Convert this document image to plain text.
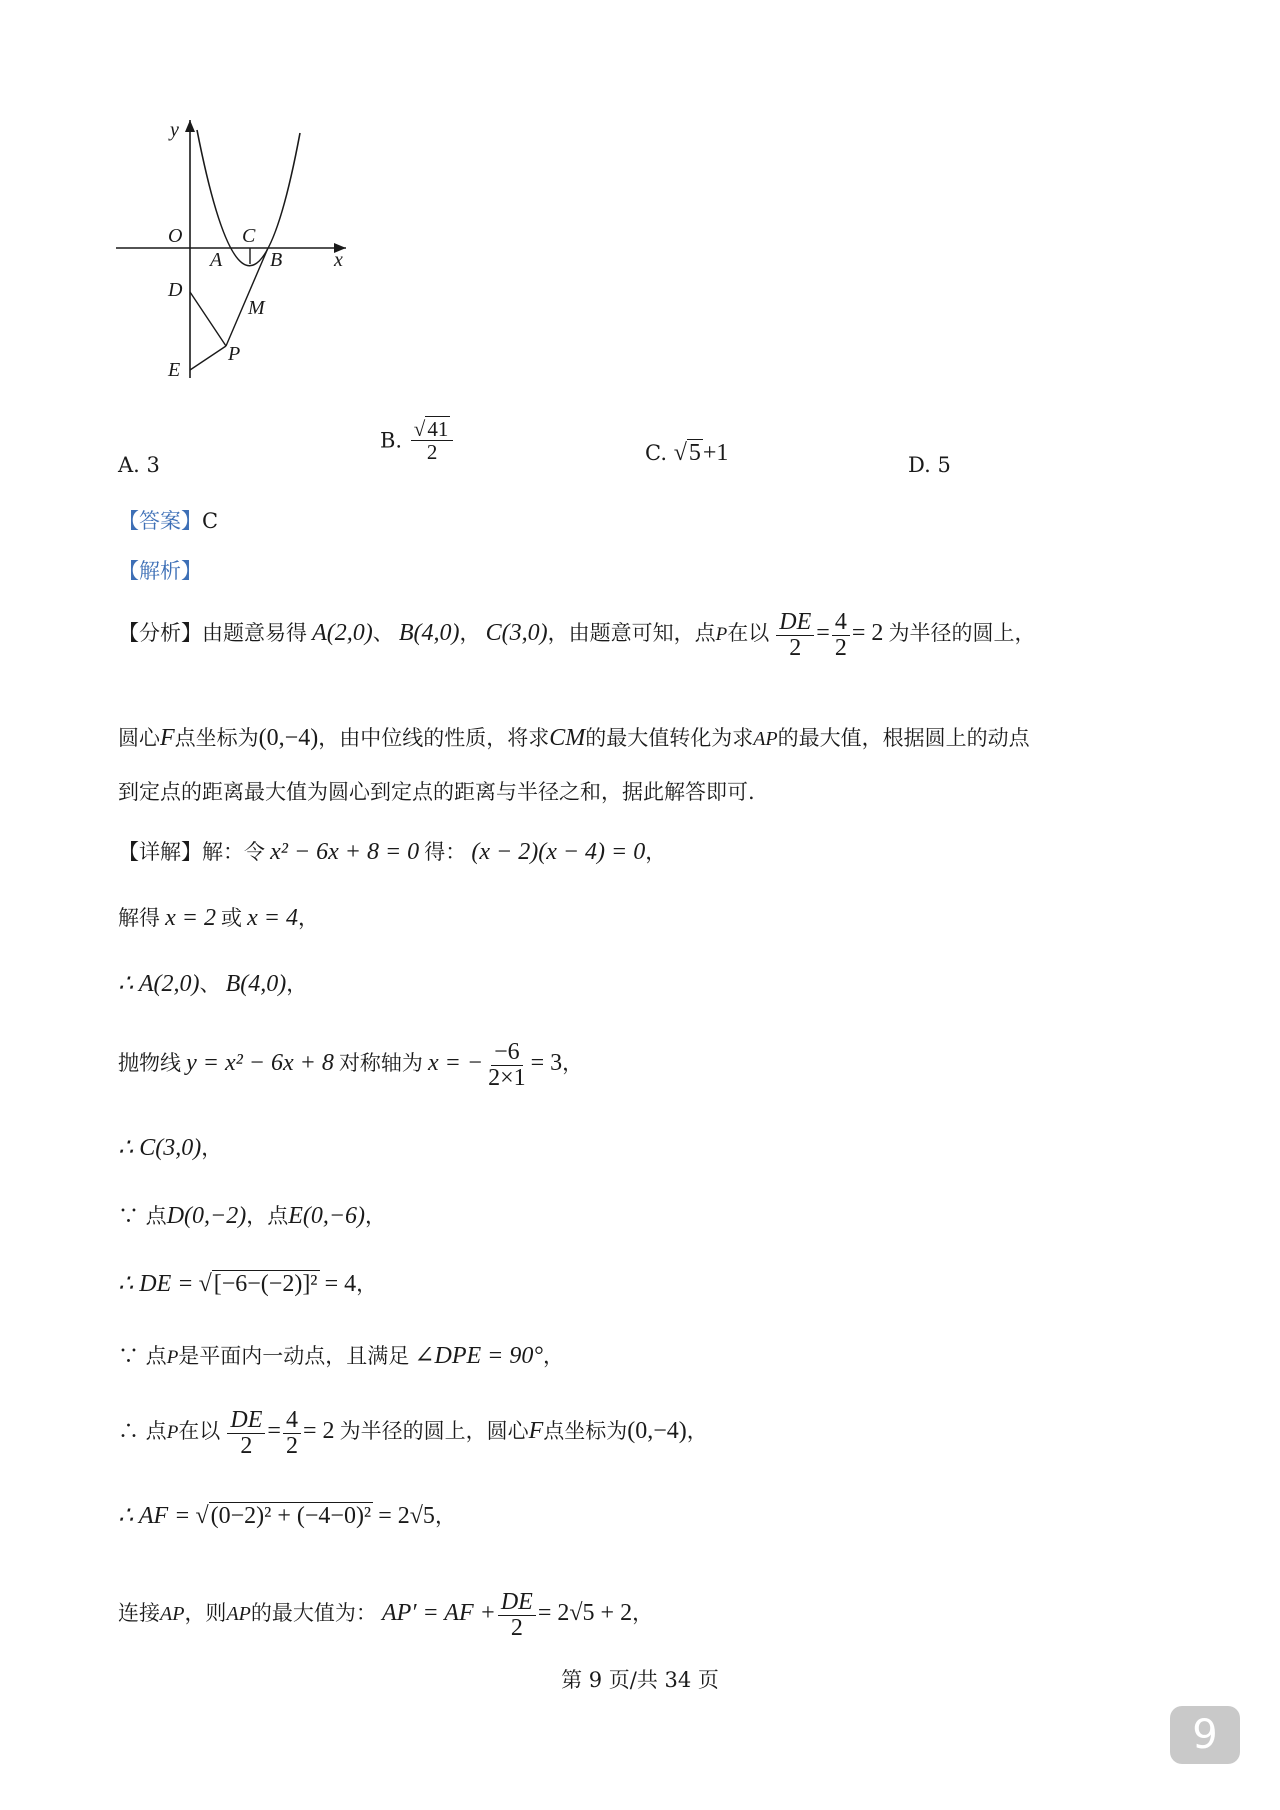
y
x
O	C
A B
D
M
E
P
A. 3
B. $\frac{√41}{2}$	C. √5+1	D. 5
【答案】C
【解析】
【分析】由题意易得 A(2,0)、 B(4,0)， C(3,0)，由题意可知，点P在以 $\frac{DE}{2} = \frac{4}{2} = 2$ 为半径的圆上，
圆心F点坐标为(0,−4)，由中位线的性质，将求CM的最大值转化为求AP的最大值，根据圆上的动点
到定点的距离最大值为圆心到定点的距离与半径之和，据此解答即可.
【详解】解：令 x² − 6x + 8 = 0 得： (x − 2)(x − 4) = 0，
解得 x = 2 或 x = 4，
∴ A(2,0)、 B(4,0)，
抛物线 y = x² − 6x + 8 对称轴为 x = − $\frac{-6}{2\times 1} = 3$，
∴ C(3,0)，
∵ 点D(0,−2)，点E(0,−6)，
∴ DE = √[−6−(−2)]² = 4，
∵ 点P是平面内一动点，且满足 ∠DPE = 90°，
∴ 点P在以 $\frac{DE}{2} = \frac{4}{2} = 2$ 为半径的圆上，圆心F点坐标为(0,−4)，
∴ AF = √(0−2)² + (−4−0)² = 2√5，
连接AP，则AP的最大值为： AP′ = AF + $\frac{DE}{2} = 2√5 + 2$，
第 9 页/共 34 页
9
